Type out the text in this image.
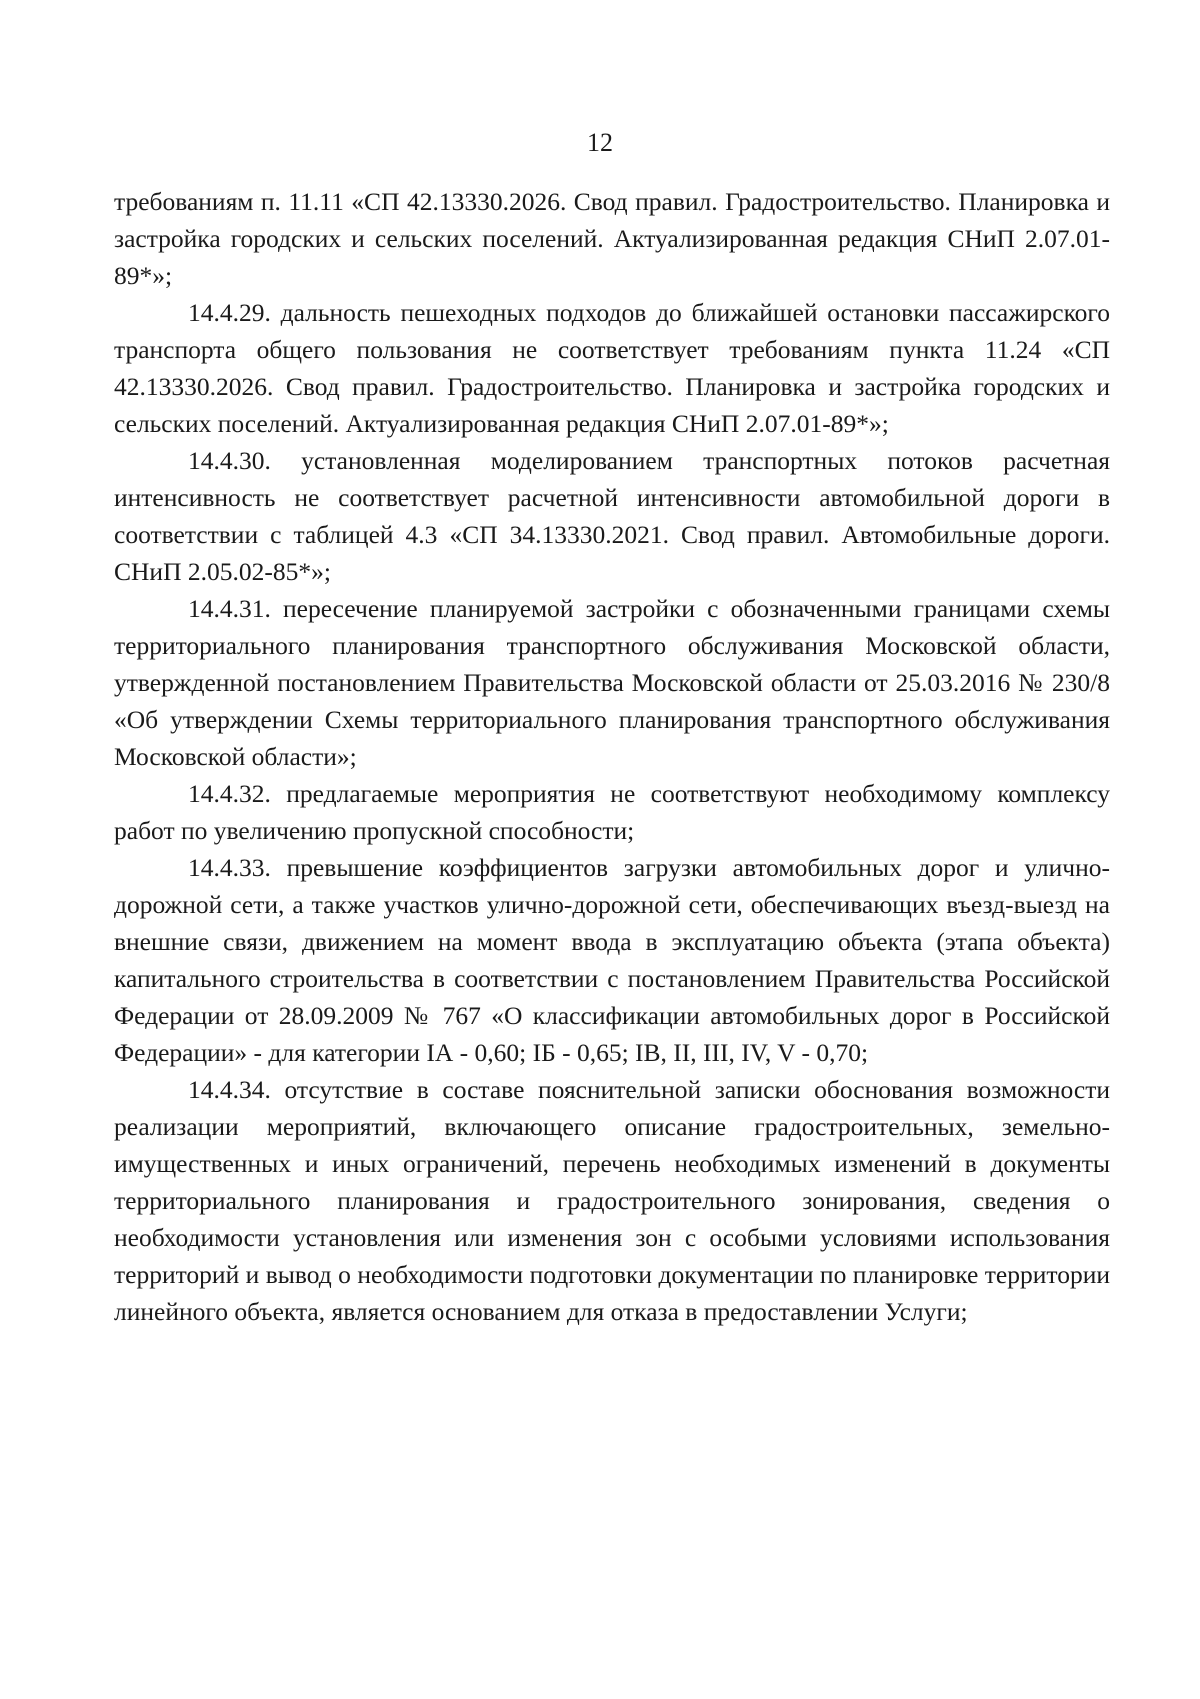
12

требованиям п. 11.11 «СП 42.13330.2026. Свод правил. Градостроительство. Планировка и застройка городских и сельских поселений. Актуализированная редакция СНиП 2.07.01-89*»;

14.4.29. дальность пешеходных подходов до ближайшей остановки пассажирского транспорта общего пользования не соответствует требованиям пункта 11.24 «СП 42.13330.2026. Свод правил. Градостроительство. Планировка и застройка городских и сельских поселений. Актуализированная редакция СНиП 2.07.01-89*»;

14.4.30. установленная моделированием транспортных потоков расчетная интенсивность не соответствует расчетной интенсивности автомобильной дороги в соответствии с таблицей 4.3 «СП 34.13330.2021. Свод правил. Автомобильные дороги. СНиП 2.05.02-85*»;

14.4.31. пересечение планируемой застройки с обозначенными границами схемы территориального планирования транспортного обслуживания Московской области, утвержденной постановлением Правительства Московской области от 25.03.2016 № 230/8 «Об утверждении Схемы территориального планирования транспортного обслуживания Московской области»;

14.4.32. предлагаемые мероприятия не соответствуют необходимому комплексу работ по увеличению пропускной способности;

14.4.33. превышение коэффициентов загрузки автомобильных дорог и улично-дорожной сети, а также участков улично-дорожной сети, обеспечивающих въезд-выезд на внешние связи, движением на момент ввода в эксплуатацию объекта (этапа объекта) капитального строительства в соответствии с постановлением Правительства Российской Федерации от 28.09.2009 № 767 «О классификации автомобильных дорог в Российской Федерации» - для категории IА - 0,60; IБ - 0,65; IВ, II, III, IV, V - 0,70;

14.4.34. отсутствие в составе пояснительной записки обоснования возможности реализации мероприятий, включающего описание градостроительных, земельно-имущественных и иных ограничений, перечень необходимых изменений в документы территориального планирования и градостроительного зонирования, сведения о необходимости установления или изменения зон с особыми условиями использования территорий и вывод о необходимости подготовки документации по планировке территории линейного объекта, является основанием для отказа в предоставлении Услуги;
